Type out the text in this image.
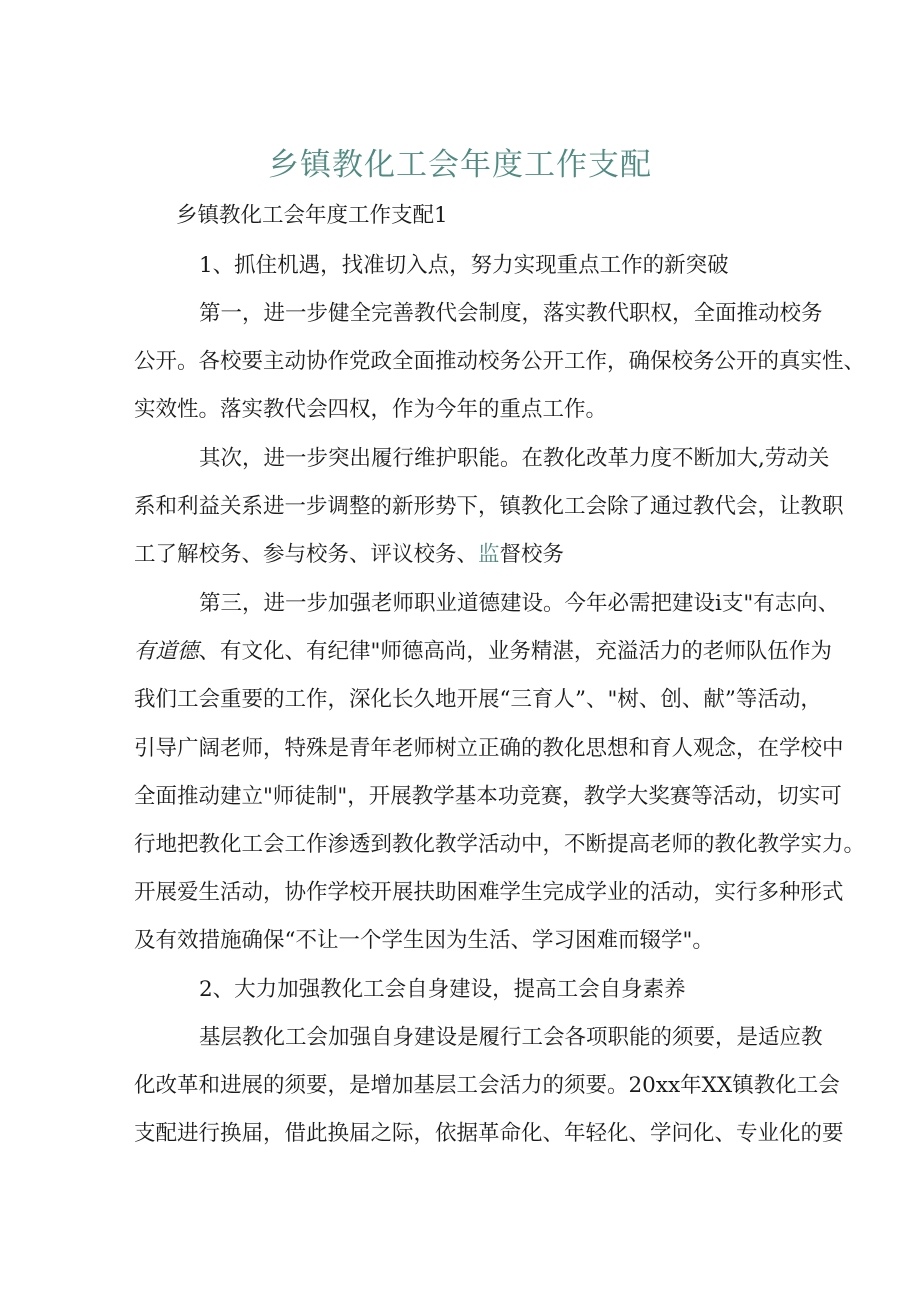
乡镇教化工会年度工作支配

乡镇教化工会年度工作支配1

1、抓住机遇，找准切入点，努力实现重点工作的新突破

第一，进一步健全完善教代会制度，落实教代职权，全面推动校务

公开。各校要主动协作党政全面推动校务公开工作，确保校务公开的真实性、

实效性。落实教代会四权，作为今年的重点工作。

其次，进一步突出履行维护职能。在教化改革力度不断加大,劳动关

系和利益关系进一步调整的新形势下，镇教化工会除了通过教代会，让教职

工了解校务、参与校务、评议校务、监督校务

第三，进一步加强老师职业道德建设。今年必需把建设i支"有志向、

有道德、有文化、有纪律"师德高尚，业务精湛，充溢活力的老师队伍作为

我们工会重要的工作，深化长久地开展“三育人”、"树、创、献”等活动，

引导广阔老师，特殊是青年老师树立正确的教化思想和育人观念，在学校中

全面推动建立"师徒制"，开展教学基本功竞赛，教学大奖赛等活动，切实可

行地把教化工会工作渗透到教化教学活动中，不断提高老师的教化教学实力。

开展爱生活动，协作学校开展扶助困难学生完成学业的活动，实行多种形式

及有效措施确保“不让一个学生因为生活、学习困难而辍学"。

2、大力加强教化工会自身建设，提高工会自身素养

基层教化工会加强自身建设是履行工会各项职能的须要，是适应教

化改革和进展的须要，是增加基层工会活力的须要。20xx年XX镇教化工会

支配进行换届，借此换届之际，依据革命化、年轻化、学问化、专业化的要
